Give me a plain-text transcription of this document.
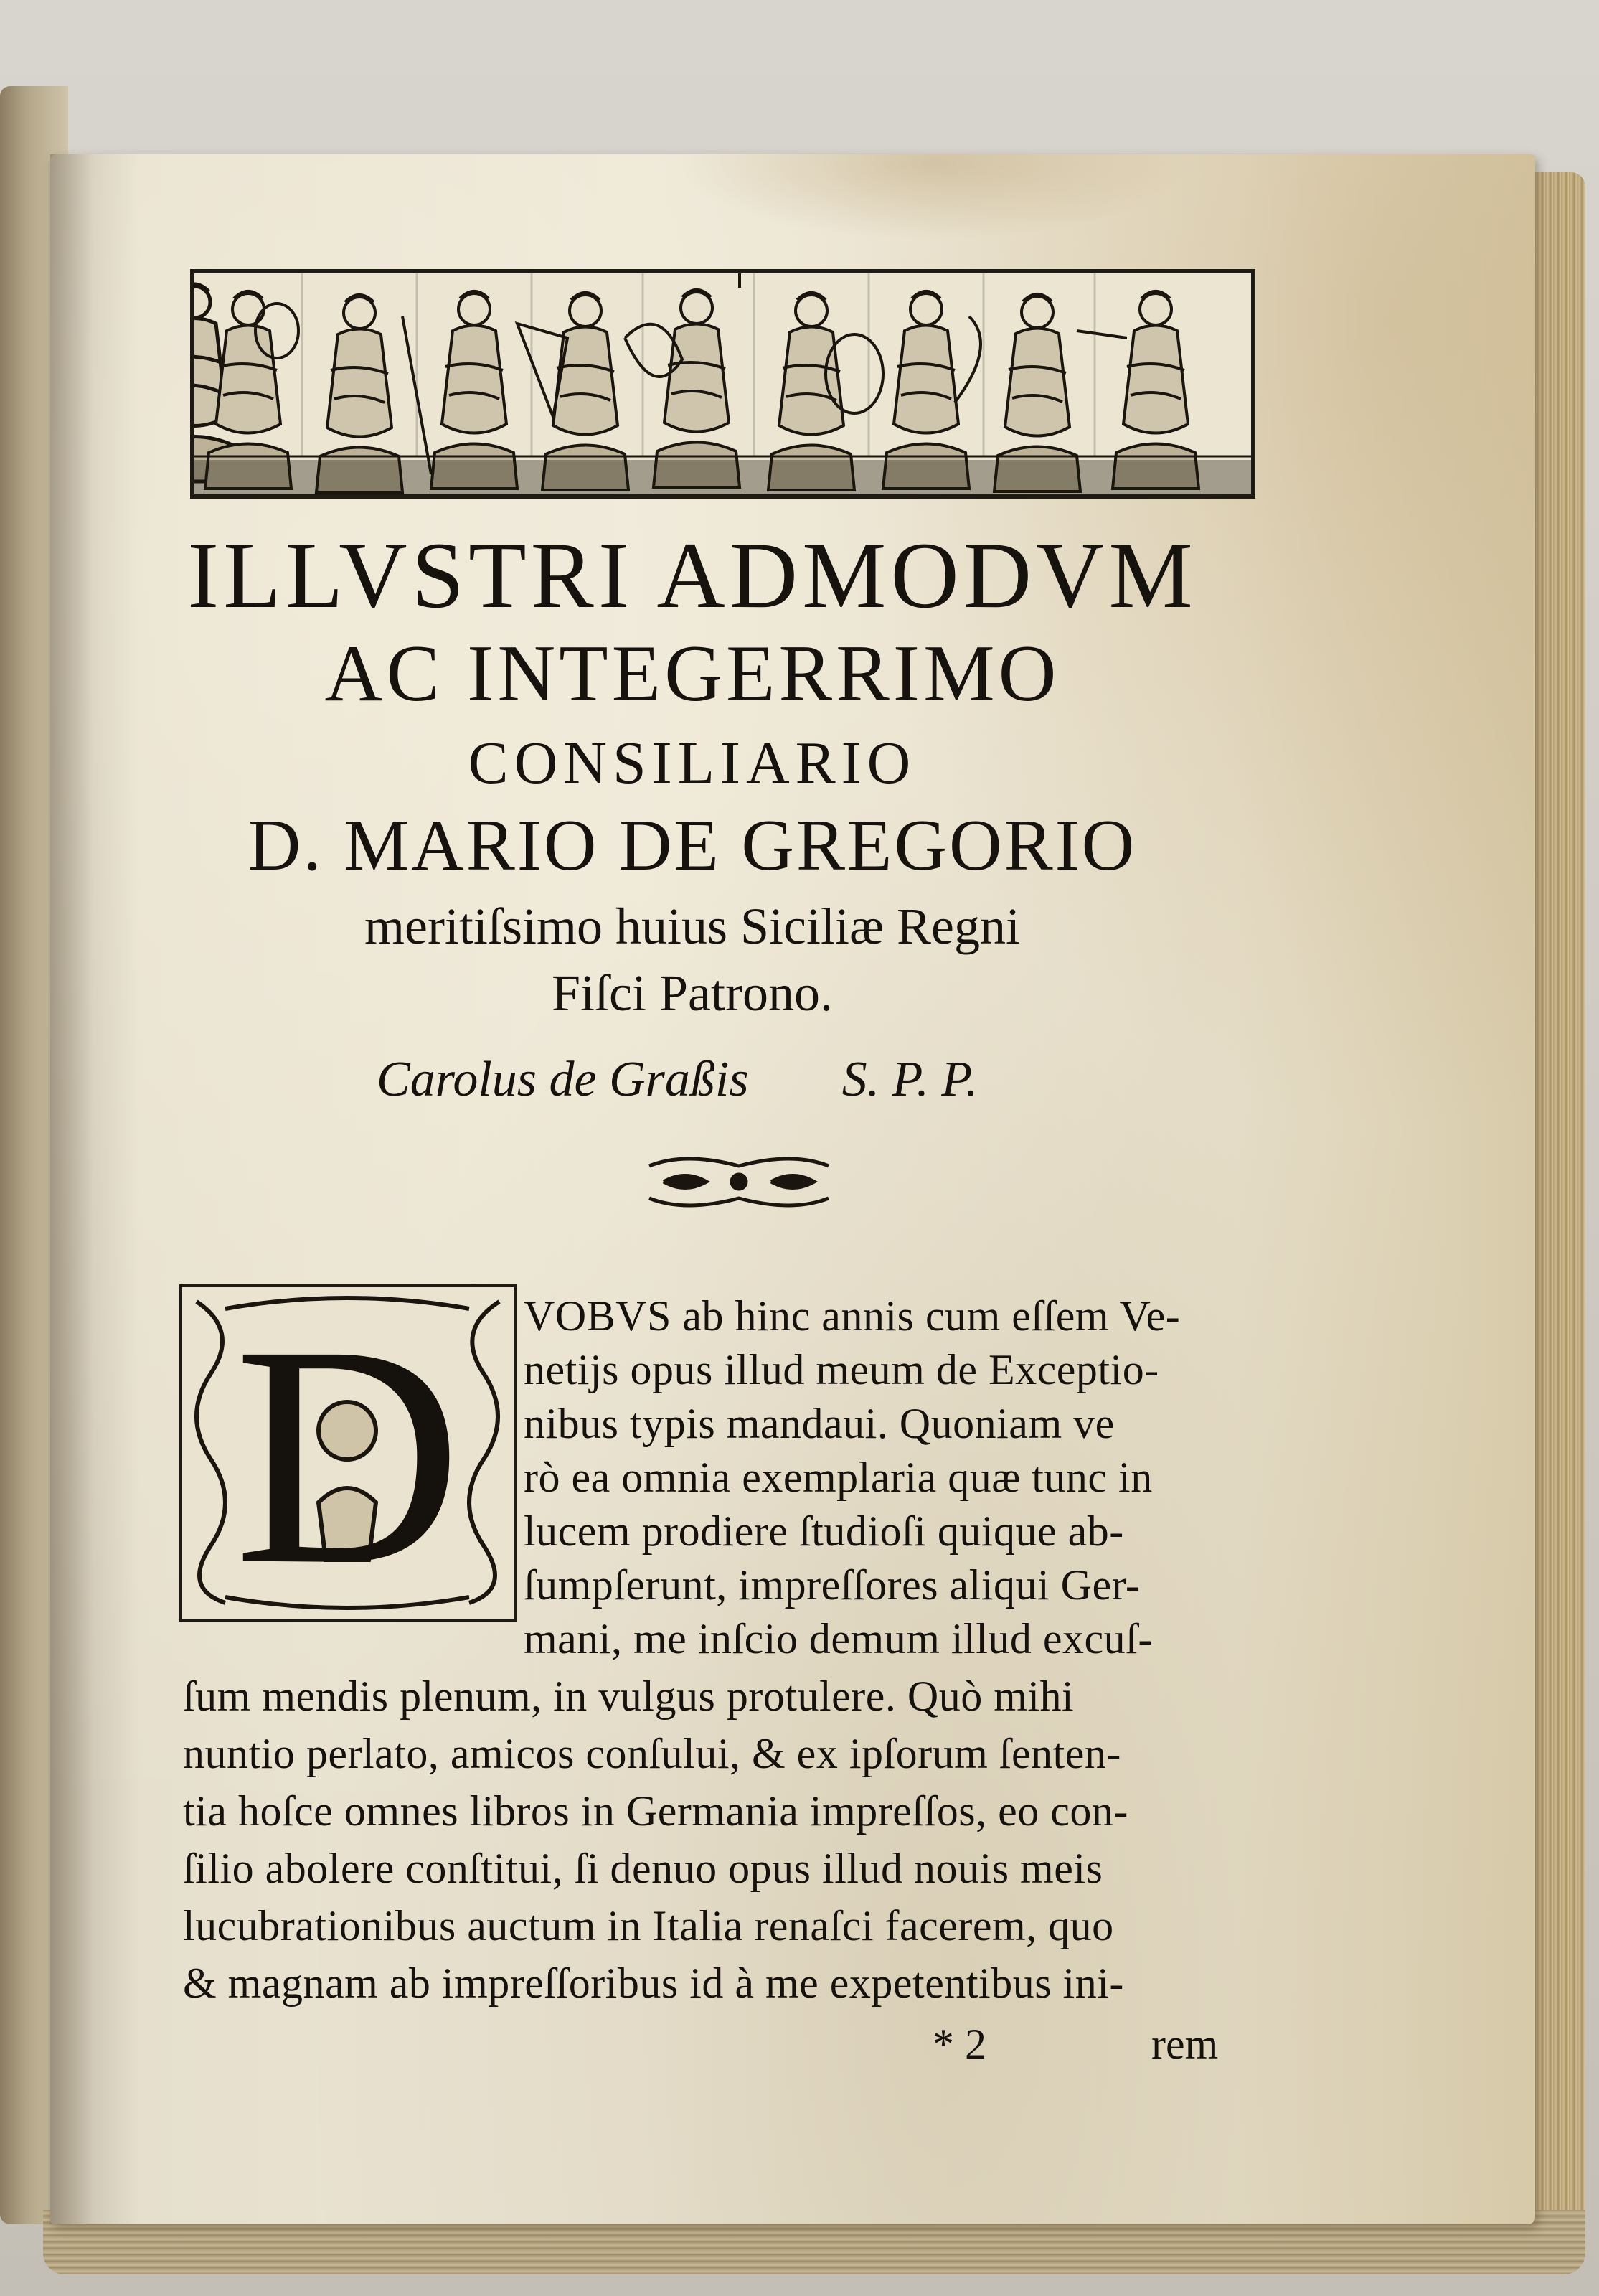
ILLVSTRI ADMODVM
AC INTEGERRIMO
CONSILIARIO
D. MARIO DE GREGORIO
meritiſsimo huius Siciliæ Regni
Fiſci Patrono.
Carolus de Graßis S. P. P.
D	VOBVS ab hinc annis cum eſſem Ve-
netijs opus illud meum de Exceptio-
nibus typis mandaui. Quoniam ve
rò ea omnia exemplaria quæ tunc in
lucem prodiere ſtudioſi quique ab-
ſumpſerunt, impreſſores aliqui Ger-
mani, me inſcio demum illud excuſ-
ſum mendis plenum, in vulgus protulere. Quò mihi
nuntio perlato, amicos conſului, & ex ipſorum ſenten-
tia hoſce omnes libros in Germania impreſſos, eo con-
ſilio abolere conſtitui, ſi denuo opus illud nouis meis
lucubrationibus auctum in Italia renaſci facerem, quo
& magnam ab impreſſoribus id à me expetentibus ini-
* 2	rem
